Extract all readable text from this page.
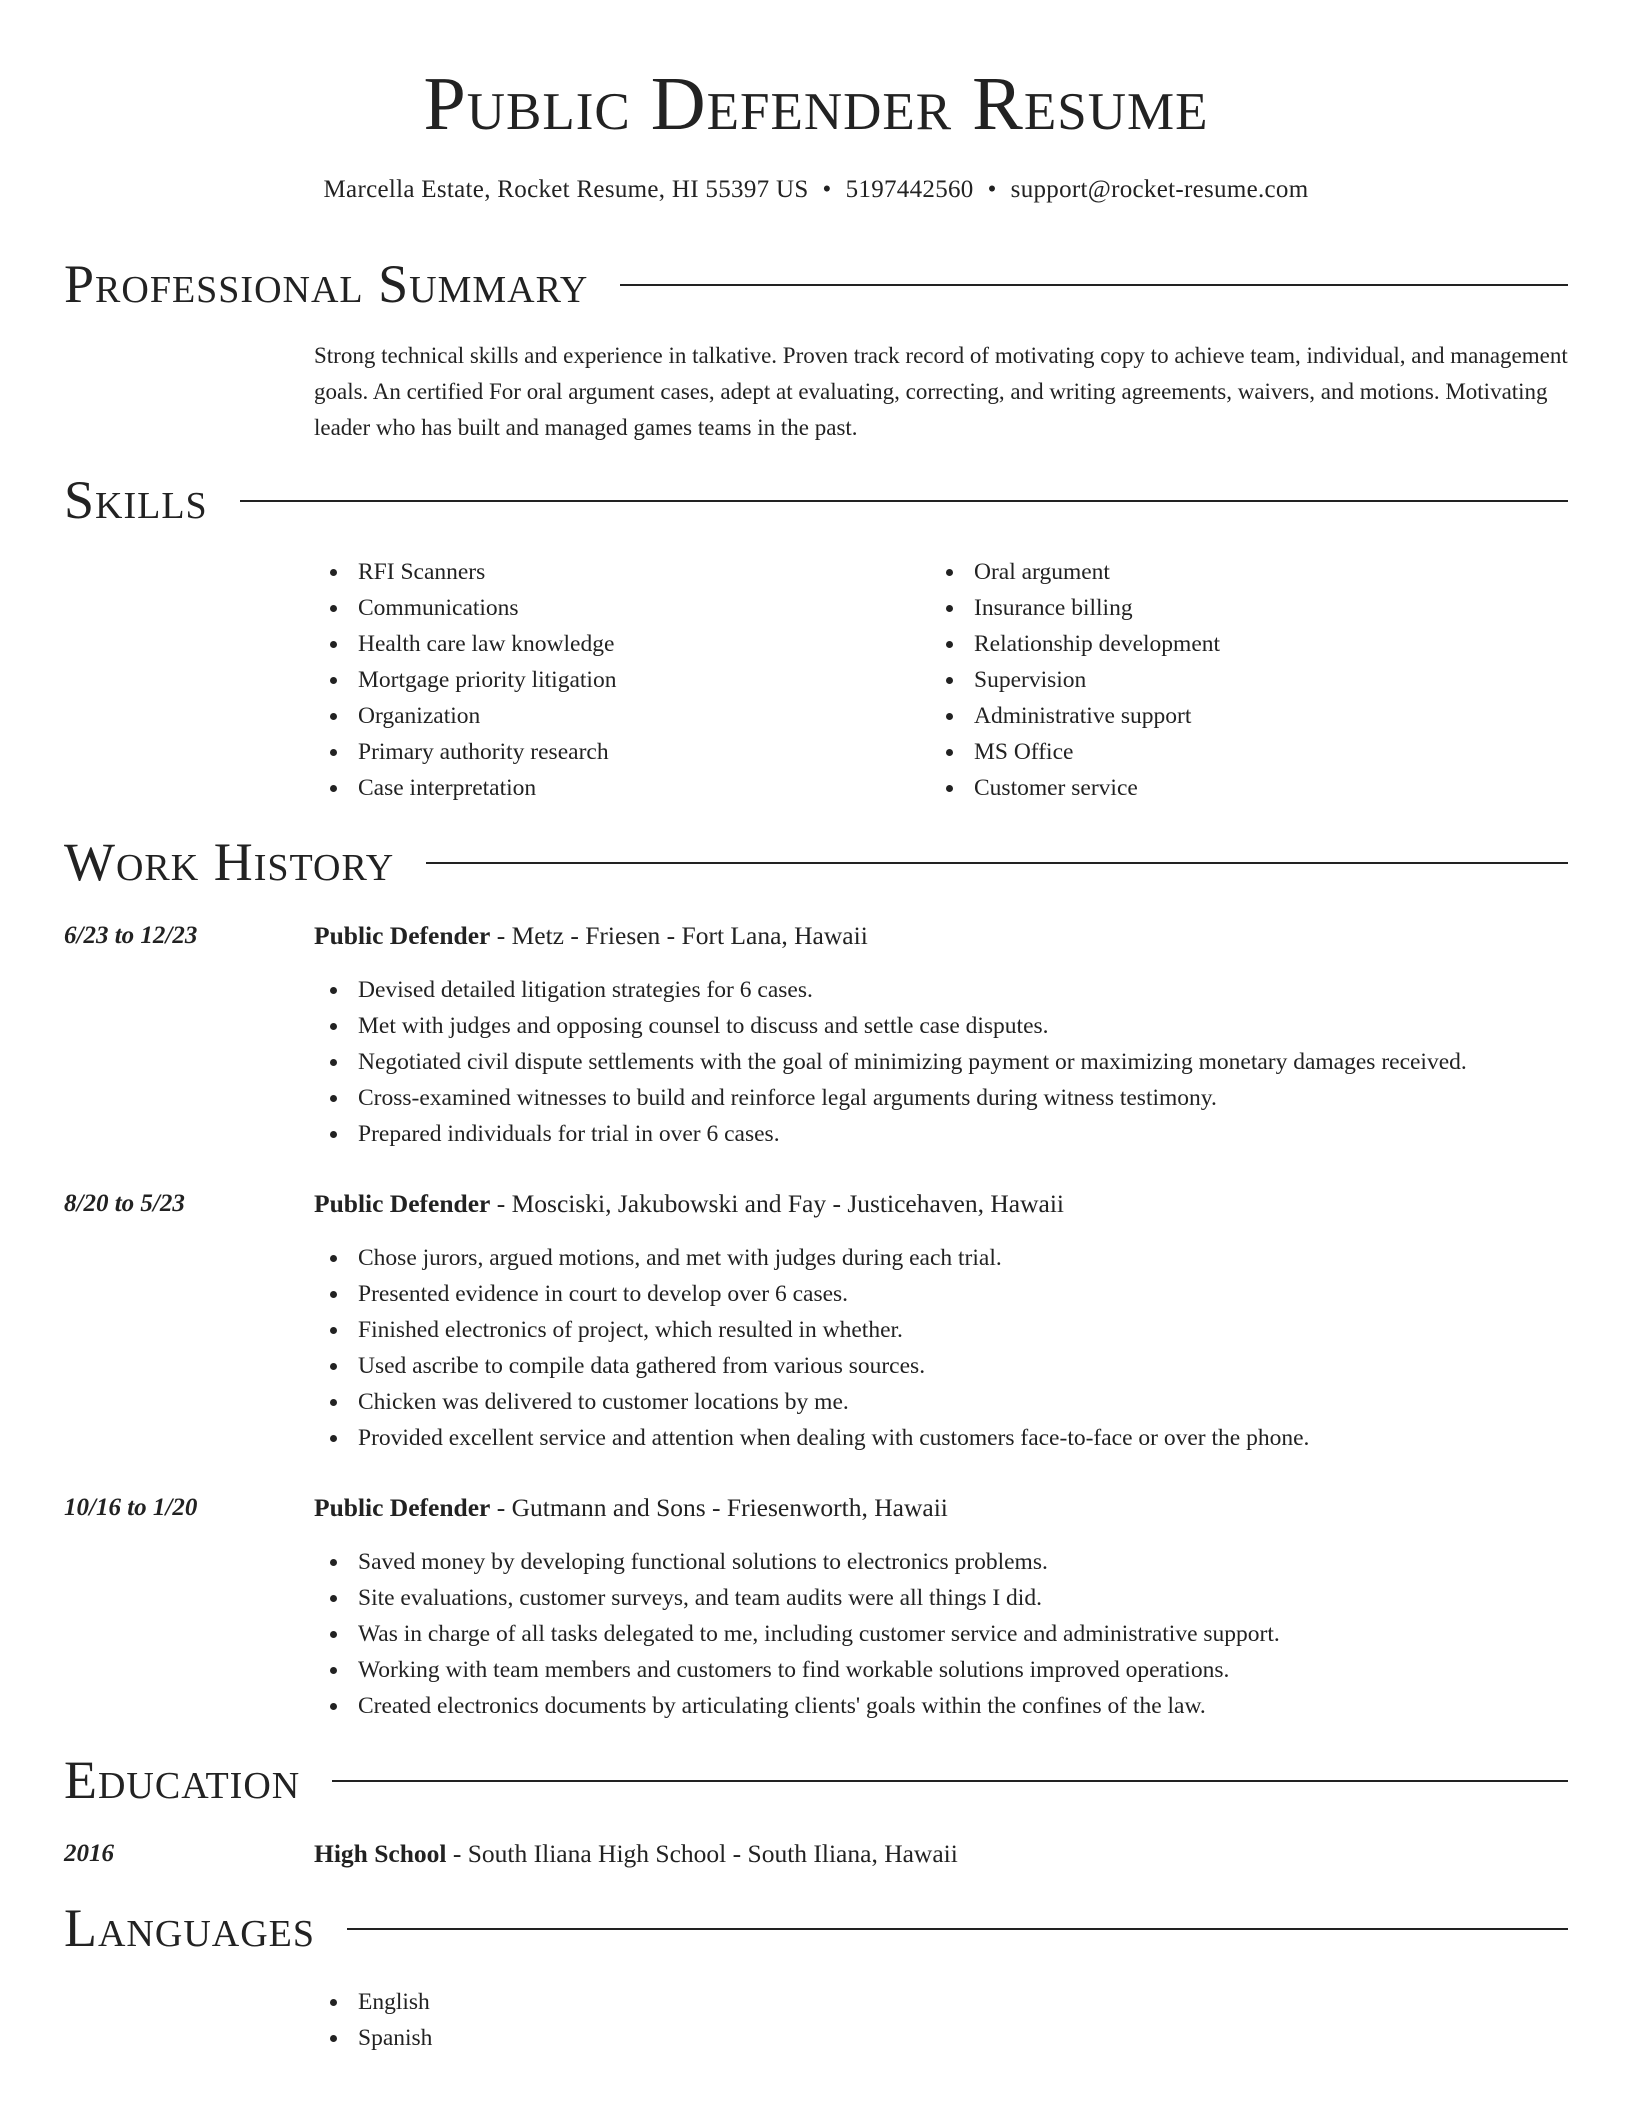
Public Defender Resume
Marcella Estate, Rocket Resume, HI 55397 US • 5197442560 • support@rocket-resume.com
Professional Summary
Strong technical skills and experience in talkative. Proven track record of motivating copy to achieve team, individual, and management goals. An certified For oral argument cases, adept at evaluating, correcting, and writing agreements, waivers, and motions. Motivating leader who has built and managed games teams in the past.
Skills
RFI Scanners
Communications
Health care law knowledge
Mortgage priority litigation
Organization
Primary authority research
Case interpretation
Oral argument
Insurance billing
Relationship development
Supervision
Administrative support
MS Office
Customer service
Work History
6/23 to 12/23	Public Defender - Metz - Friesen - Fort Lana, Hawaii
Devised detailed litigation strategies for 6 cases.
Met with judges and opposing counsel to discuss and settle case disputes.
Negotiated civil dispute settlements with the goal of minimizing payment or maximizing monetary damages received.
Cross-examined witnesses to build and reinforce legal arguments during witness testimony.
Prepared individuals for trial in over 6 cases.
8/20 to 5/23	Public Defender - Mosciski, Jakubowski and Fay - Justicehaven, Hawaii
Chose jurors, argued motions, and met with judges during each trial.
Presented evidence in court to develop over 6 cases.
Finished electronics of project, which resulted in whether.
Used ascribe to compile data gathered from various sources.
Chicken was delivered to customer locations by me.
Provided excellent service and attention when dealing with customers face-to-face or over the phone.
10/16 to 1/20	Public Defender - Gutmann and Sons - Friesenworth, Hawaii
Saved money by developing functional solutions to electronics problems.
Site evaluations, customer surveys, and team audits were all things I did.
Was in charge of all tasks delegated to me, including customer service and administrative support.
Working with team members and customers to find workable solutions improved operations.
Created electronics documents by articulating clients' goals within the confines of the law.
Education
2016	High School - South Iliana High School - South Iliana, Hawaii
Languages
English
Spanish
